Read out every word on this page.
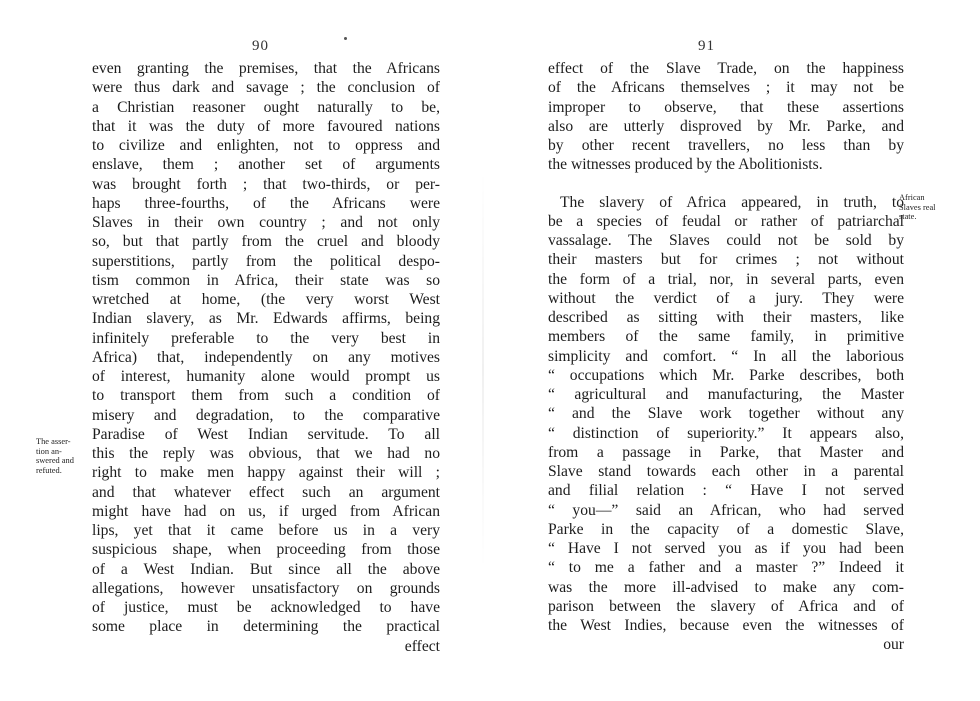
90
even granting the premises, that the Africans
were thus dark and savage ; the conclusion of
a Christian reasoner ought naturally to be,
that it was the duty of more favoured nations
to civilize and enlighten, not to oppress and
enslave, them ; another set of arguments
was brought forth ; that two-thirds, or per-
haps three-fourths, of the Africans were
Slaves in their own country ; and not only
so, but that partly from the cruel and bloody
superstitions, partly from the political despo-
tism common in Africa, their state was so
wretched at home, (the very worst West
Indian slavery, as Mr. Edwards affirms, being
infinitely preferable to the very best in
Africa) that, independently on any motives
of interest, humanity alone would prompt us
to transport them from such a condition of
misery and degradation, to the comparative
Paradise of West Indian servitude. To all
this the reply was obvious, that we had no
right to make men happy against their will ;
and that whatever effect such an argument
might have had on us, if urged from African
lips, yet that it came before us in a very
suspicious shape, when proceeding from those
of a West Indian. But since all the above
allegations, however unsatisfactory on grounds
of justice, must be acknowledged to have
some place in determining the practical
effect
The asser-
tion an-
swered and
refuted.
91
effect of the Slave Trade, on the happiness
of the Africans themselves ; it may not be
improper to observe, that these assertions
also are utterly disproved by Mr. Parke, and
by other recent travellers, no less than by
the witnesses produced by the Abolitionists.
The slavery of Africa appeared, in truth, to
be a species of feudal or rather of patriarchal
vassalage. The Slaves could not be sold by
their masters but for crimes ; not without
the form of a trial, nor, in several parts, even
without the verdict of a jury. They were
described as sitting with their masters, like
members of the same family, in primitive
simplicity and comfort. “ In all the laborious
“ occupations which Mr. Parke describes, both
“ agricultural and manufacturing, the Master
“ and the Slave work together without any
“ distinction of superiority.” It appears also,
from a passage in Parke, that Master and
Slave stand towards each other in a parental
and filial relation : “ Have I not served
“ you—” said an African, who had served
Parke in the capacity of a domestic Slave,
“ Have I not served you as if you had been
“ to me a father and a master ?” Indeed it
was the more ill-advised to make any com-
parison between the slavery of Africa and of
the West Indies, because even the witnesses of
our
African
Slaves real
state.
